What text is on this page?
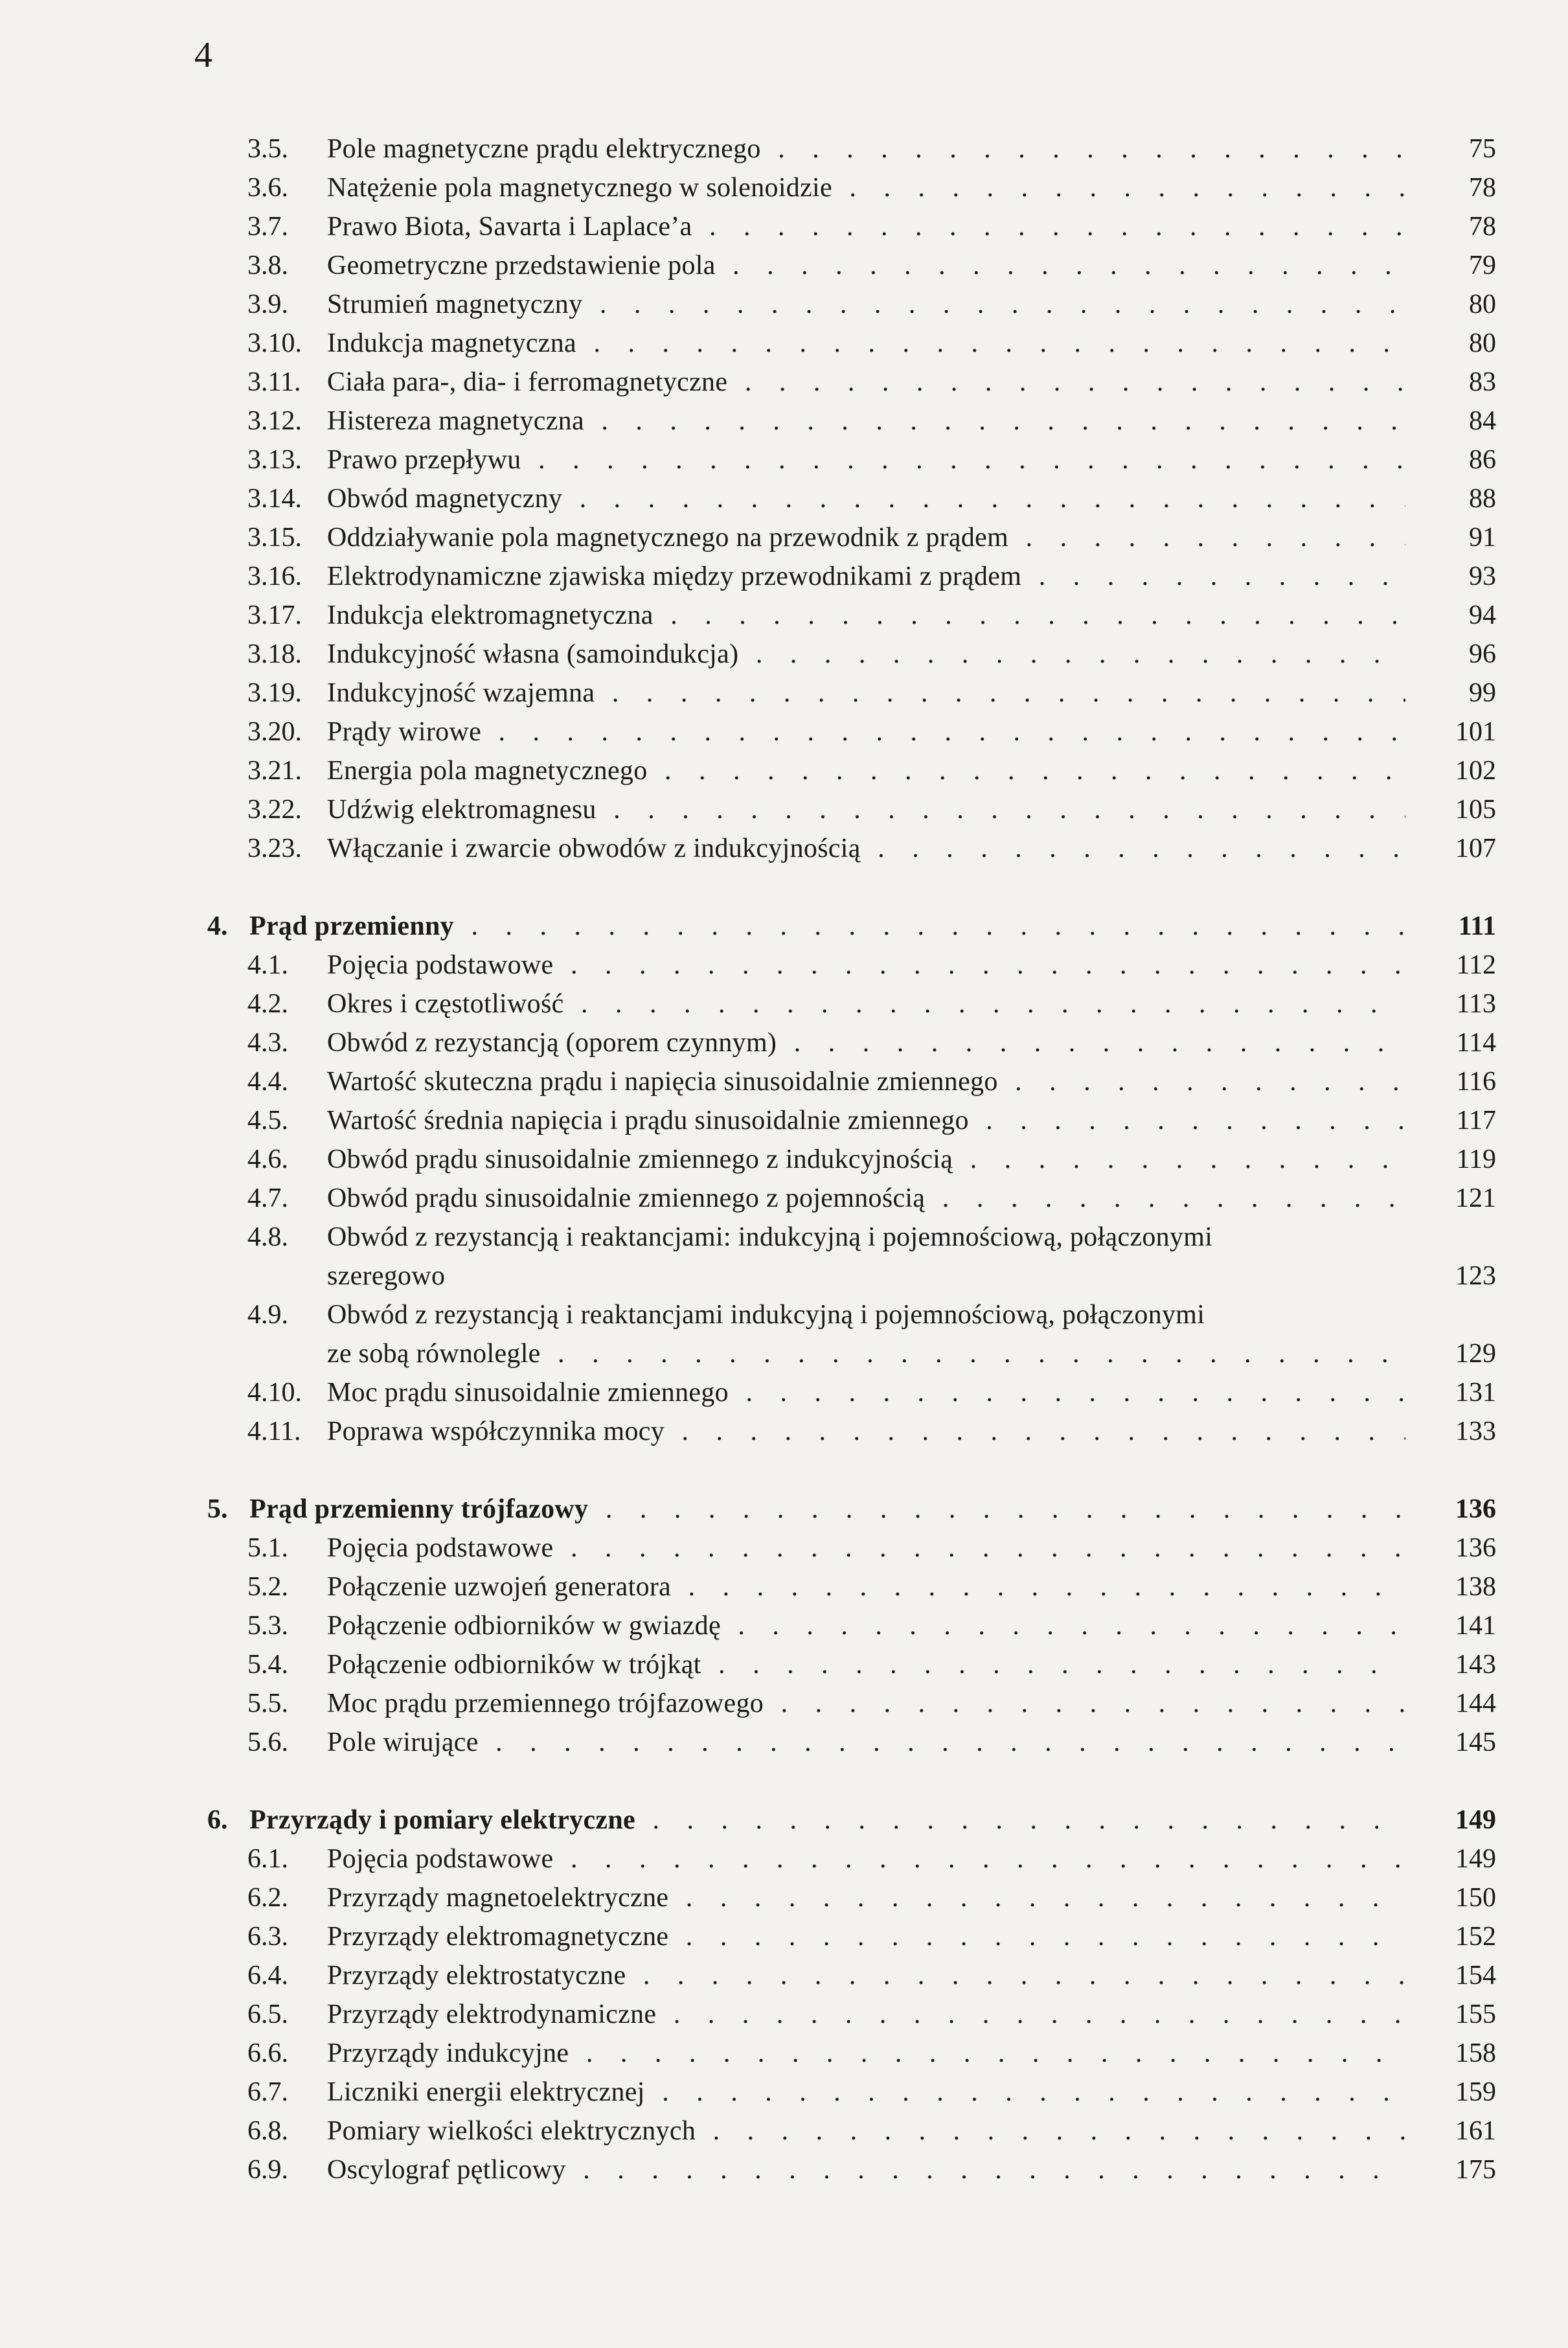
4
3.5. Pole magnetyczne prądu elektrycznego . . .	75
3.6. Natężenie pola magnetycznego w solenoidzie . . .	78
3.7. Prawo Biota, Savarta i Laplace’a . . .	78
3.8. Geometryczne przedstawienie pola . . .	79
3.9. Strumień magnetyczny . . .	80
3.10. Indukcja magnetyczna . . .	80
3.11. Ciała para-, dia- i ferromagnetyczne . . .	83
3.12. Histereza magnetyczna . . .	84
3.13. Prawo przepływu . . .	86
3.14. Obwód magnetyczny . . .	88
3.15. Oddziaływanie pola magnetycznego na przewodnik z prądem . . .	91
3.16. Elektrodynamiczne zjawiska między przewodnikami z prądem . . .	93
3.17. Indukcja elektromagnetyczna . . .	94
3.18. Indukcyjność własna (samoindukcja) . . .	96
3.19. Indukcyjność wzajemna . . .	99
3.20. Prądy wirowe . . .	101
3.21. Energia pola magnetycznego . . .	102
3.22. Udźwig elektromagnesu . . .	105
3.23. Włączanie i zwarcie obwodów z indukcyjnością . . .	107
4. Prąd przemienny . . .	111
4.1. Pojęcia podstawowe . . .	112
4.2. Okres i częstotliwość . . .	113
4.3. Obwód z rezystancją (oporem czynnym) . . .	114
4.4. Wartość skuteczna prądu i napięcia sinusoidalnie zmiennego . . .	116
4.5. Wartość średnia napięcia i prądu sinusoidalnie zmiennego . . .	117
4.6. Obwód prądu sinusoidalnie zmiennego z indukcyjnością . . .	119
4.7. Obwód prądu sinusoidalnie zmiennego z pojemnością . . .	121
4.8. Obwód z rezystancją i reaktancjami: indukcyjną i pojemnościową, połączonymi
szeregowo	123
4.9. Obwód z rezystancją i reaktancjami indukcyjną i pojemnościową, połączonymi
ze sobą równolegle . . .	129
4.10. Moc prądu sinusoidalnie zmiennego . . .	131
4.11. Poprawa współczynnika mocy . . .	133
5. Prąd przemienny trójfazowy . . .	136
5.1. Pojęcia podstawowe . . .	136
5.2. Połączenie uzwojeń generatora . . .	138
5.3. Połączenie odbiorników w gwiazdę . . .	141
5.4. Połączenie odbiorników w trójkąt . . .	143
5.5. Moc prądu przemiennego trójfazowego . . .	144
5.6. Pole wirujące . . .	145
6. Przyrządy i pomiary elektryczne . . .	149
6.1. Pojęcia podstawowe . . .	149
6.2. Przyrządy magnetoelektryczne . . .	150
6.3. Przyrządy elektromagnetyczne . . .	152
6.4. Przyrządy elektrostatyczne . . .	154
6.5. Przyrządy elektrodynamiczne . . .	155
6.6. Przyrządy indukcyjne . . .	158
6.7. Liczniki energii elektrycznej . . .	159
6.8. Pomiary wielkości elektrycznych . . .	161
6.9. Oscylograf pętlicowy . . .	175
